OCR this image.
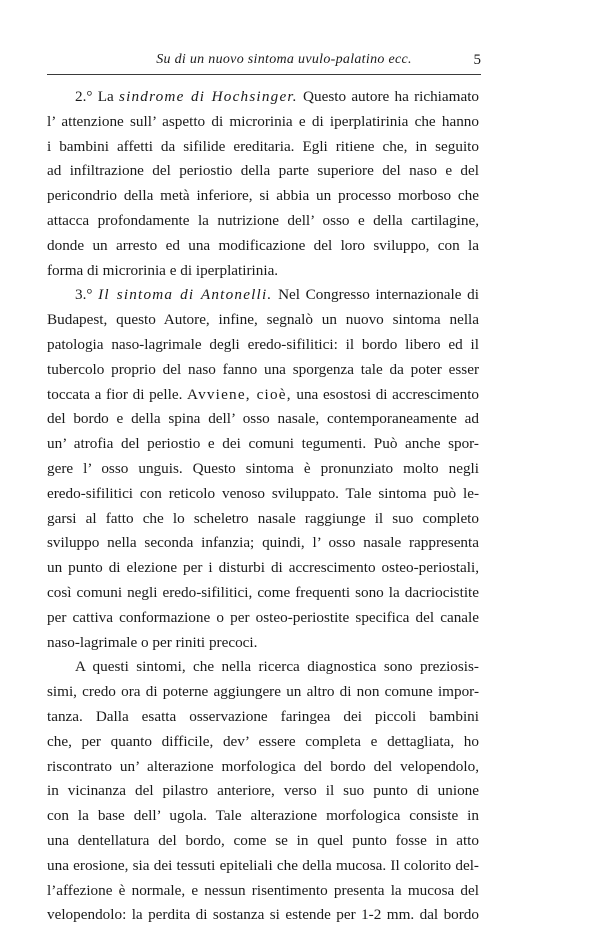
Su di un nuovo sintoma uvulo-palatino ecc.	5
2.° La sindrome di Hochsinger. Questo autore ha richiamato
l’ attenzione sull’ aspetto di microrinia e di iperplatirinia che hanno
i bambini affetti da sifilide ereditaria. Egli ritiene che, in seguito
ad infiltrazione del periostio della parte superiore del naso e del
pericondrio della metà inferiore, si abbia un processo morboso che
attacca profondamente la nutrizione dell’ osso e della cartilagine,
donde un arresto ed una modificazione del loro sviluppo, con la
forma di microrinia e di iperplatirinia.
3.° Il sintoma di Antonelli. Nel Congresso internazionale di
Budapest, questo Autore, infine, segnalò un nuovo sintoma nella
patologia naso-lagrimale degli eredo-sifilitici: il bordo libero ed il
tubercolo proprio del naso fanno una sporgenza tale da poter esser
toccata a fior di pelle. Avviene, cioè, una esostosi di accrescimento
del bordo e della spina dell’ osso nasale, contemporaneamente ad
un’ atrofia del periostio e dei comuni tegumenti. Può anche spor-
gere l’ osso unguis. Questo sintoma è pronunziato molto negli
eredo-sifilitici con reticolo venoso sviluppato. Tale sintoma può le-
garsi al fatto che lo scheletro nasale raggiunge il suo completo
sviluppo nella seconda infanzia; quindi, l’ osso nasale rappresenta
un punto di elezione per i disturbi di accrescimento osteo-periostali,
così comuni negli eredo-sifilitici, come frequenti sono la dacriocistite
per cattiva conformazione o per osteo-periostite specifica del canale
naso-lagrimale o per riniti precoci.
A questi sintomi, che nella ricerca diagnostica sono preziosis-
simi, credo ora di poterne aggiungere un altro di non comune impor-
tanza. Dalla esatta osservazione faringea dei piccoli bambini
che, per quanto difficile, dev’ essere completa e dettagliata, ho
riscontrato un’ alterazione morfologica del bordo del velopendolo,
in vicinanza del pilastro anteriore, verso il suo punto di unione
con la base dell’ ugola. Tale alterazione morfologica consiste in
una dentellatura del bordo, come se in quel punto fosse in atto
una erosione, sia dei tessuti epiteliali che della mucosa. Il colorito del-
l’affezione è normale, e nessun risentimento presenta la mucosa del
velopendolo: la perdita di sostanza si estende per 1-2 mm. dal bordo
